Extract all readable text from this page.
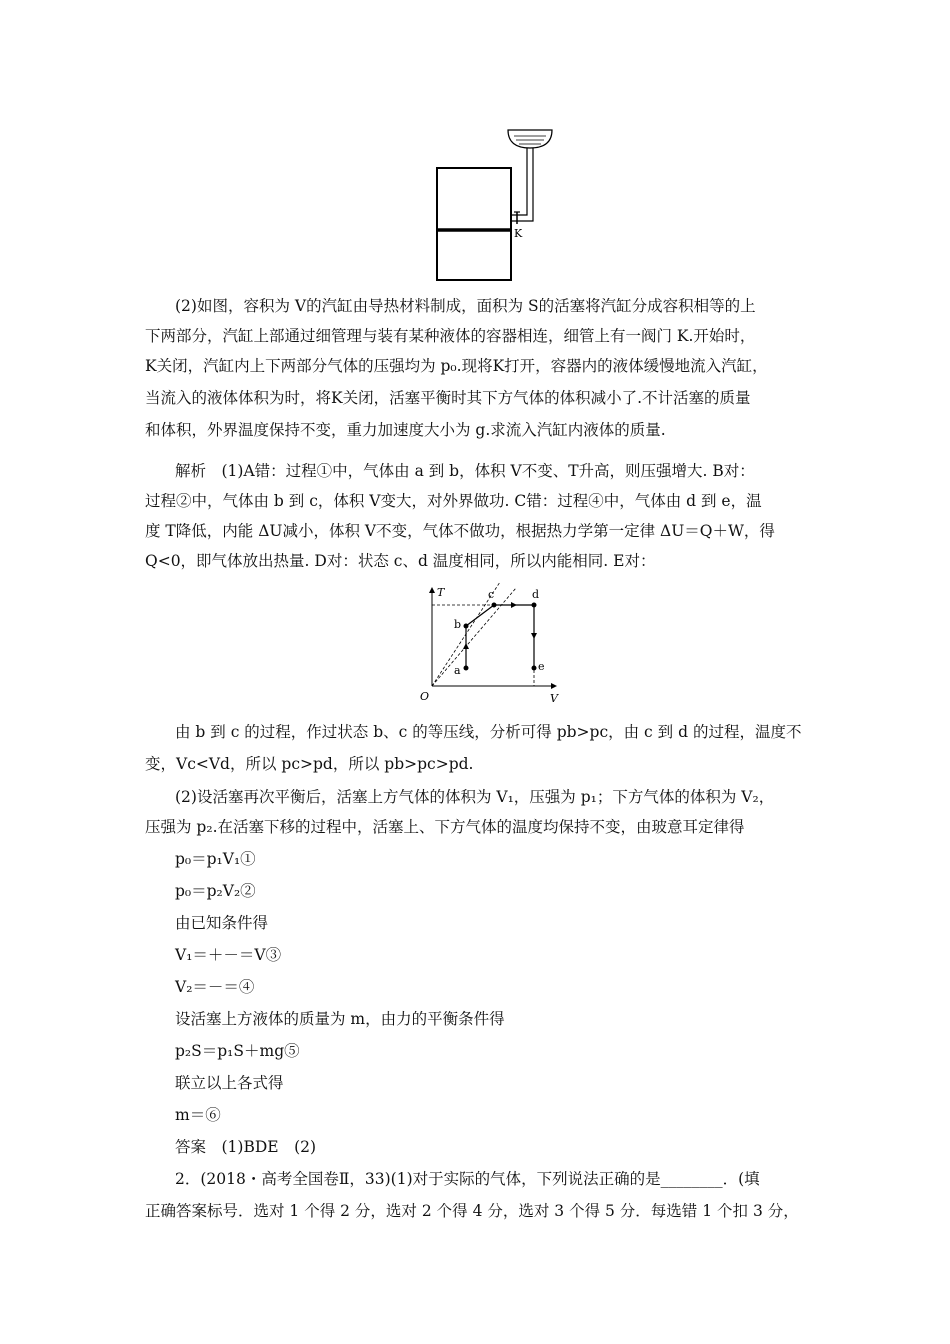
K
(2)如图，容积为 V的汽缸由导热材料制成，面积为 S的活塞将汽缸分成容积相等的上
下两部分，汽缸上部通过细管理与装有某种液体的容器相连，细管上有一阀门 K.开始时，
K关闭，汽缸内上下两部分气体的压强均为 p₀.现将K打开，容器内的液体缓慢地流入汽缸，
当流入的液体体积为时，将K关闭，活塞平衡时其下方气体的体积减小了.不计活塞的质量
和体积，外界温度保持不变，重力加速度大小为 g.求流入汽缸内液体的质量.
解析　(1)A错：过程①中，气体由 a 到 b，体积 V不变、T升高，则压强增大. B对：
过程②中，气体由 b 到 c，体积 V变大，对外界做功. C错：过程④中，气体由 d 到 e，温
度 T降低，内能 ΔU减小，体积 V不变，气体不做功，根据热力学第一定律 ΔU＝Q＋W，得
Q<0，即气体放出热量. D对：状态 c、d 温度相同，所以内能相同. E对：
T
V
O
a
b
c	d
e
由 b 到 c 的过程，作过状态 b、c 的等压线，分析可得 pb>pc，由 c 到 d 的过程，温度不
变，Vc<Vd，所以 pc>pd，所以 pb>pc>pd.
(2)设活塞再次平衡后，活塞上方气体的体积为 V₁，压强为 p₁；下方气体的体积为 V₂，
压强为 p₂.在活塞下移的过程中，活塞上、下方气体的温度均保持不变，由玻意耳定律得
p₀＝p₁V₁①
p₀＝p₂V₂②
由已知条件得
V₁＝＋－＝V③
V₂＝－＝④
设活塞上方液体的质量为 m，由力的平衡条件得
p₂S＝p₁S＋mg⑤
联立以上各式得
m＝⑥
答案　(1)BDE　(2)
2．(2018・高考全国卷Ⅱ，33)(1)对于实际的气体，下列说法正确的是________．(填
正确答案标号．选对 1 个得 2 分，选对 2 个得 4 分，选对 3 个得 5 分．每选错 1 个扣 3 分，
